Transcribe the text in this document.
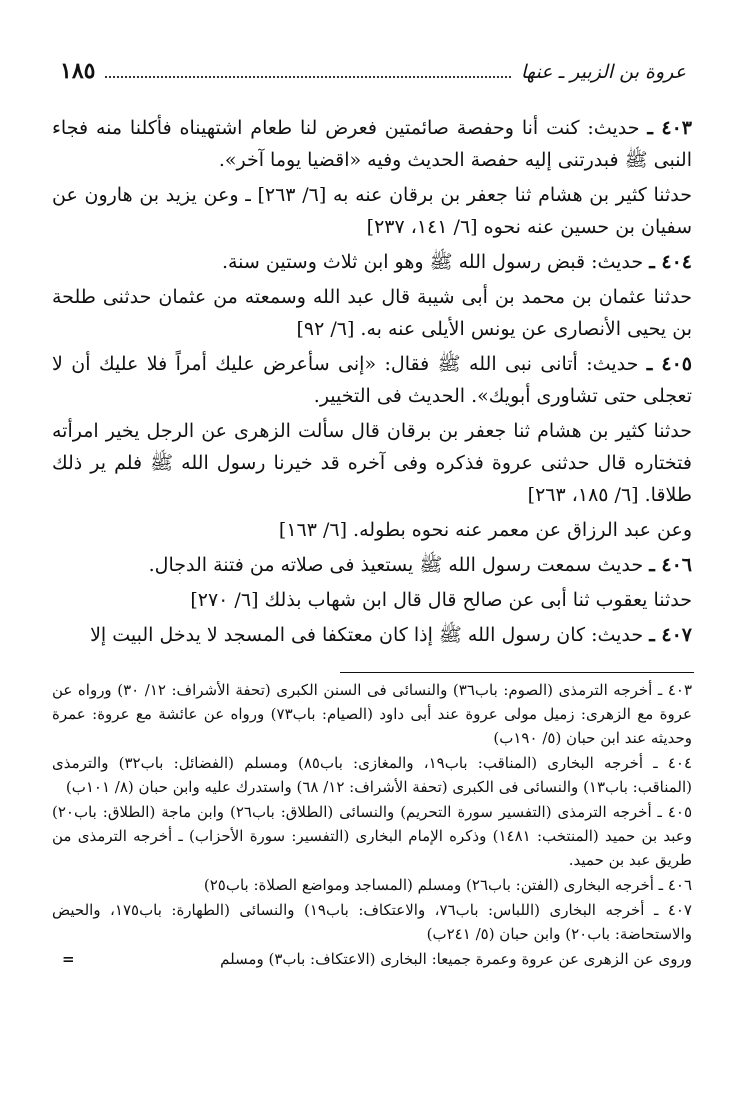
عروة بن الزبير ـ عنها
١٨٥

٤٠٣ ـ حديث: كنت أنا وحفصة صائمتين فعرض لنا طعام اشتهيناه فأكلنا منه فجاء النبى ﷺ فبدرتنى إليه حفصة الحديث وفيه «اقضيا يوما آخر».

حدثنا كثير بن هشام ثنا جعفر بن برقان عنه به [٦/ ٢٦٣] ـ وعن يزيد بن هارون عن سفيان بن حسين عنه نحوه [٦/ ١٤١، ٢٣٧]

٤٠٤ ـ حديث: قبض رسول الله ﷺ وهو ابن ثلاث وستين سنة.

حدثنا عثمان بن محمد بن أبى شيبة قال عبد الله وسمعته من عثمان حدثنى طلحة بن يحيى الأنصارى عن يونس الأيلى عنه به. [٦/ ٩٢]

٤٠٥ ـ حديث: أتانى نبى الله ﷺ فقال: «إنى سأعرض عليك أمراً فلا عليك أن لا تعجلى حتى تشاورى أبويك». الحديث فى التخيير.

حدثنا كثير بن هشام ثنا جعفر بن برقان قال سألت الزهرى عن الرجل يخير امرأته فتختاره قال حدثنى عروة فذكره وفى آخره قد خيرنا رسول الله ﷺ فلم ير ذلك طلاقا. [٦/ ١٨٥، ٢٦٣]

وعن عبد الرزاق عن معمر عنه نحوه بطوله. [٦/ ١٦٣]

٤٠٦ ـ حديث سمعت رسول الله ﷺ يستعيذ فى صلاته من فتنة الدجال.

حدثنا يعقوب ثنا أبى عن صالح قال قال ابن شهاب بذلك [٦/ ٢٧٠]

٤٠٧ ـ حديث: كان رسول الله ﷺ إذا كان معتكفا فى المسجد لا يدخل البيت إلا

٤٠٣ ـ أخرجه الترمذى (الصوم: باب٣٦) والنسائى فى السنن الكبرى (تحفة الأشراف: ١٢/ ٣٠) ورواه عن عروة مع الزهرى: زميل مولى عروة عند أبى داود (الصيام: باب٧٣) ورواه عن عائشة مع عروة: عمرة وحديثه عند ابن حبان (٥/ ١٩٠ب)

٤٠٤ ـ أخرجه البخارى (المناقب: باب١٩، والمغازى: باب٨٥) ومسلم (الفضائل: باب٣٢) والترمذى (المناقب: باب١٣) والنسائى فى الكبرى (تحفة الأشراف: ١٢/ ٦٨) واستدرك عليه وابن حبان (٨/ ١٠١ب)

٤٠٥ ـ أخرجه الترمذى (التفسير سورة التحريم) والنسائى (الطلاق: باب٢٦) وابن ماجة (الطلاق: باب٢٠) وعبد بن حميد (المنتخب: ١٤٨١) وذكره الإمام البخارى (التفسير: سورة الأحزاب) ـ أخرجه الترمذى من طريق عبد بن حميد.

٤٠٦ ـ أخرجه البخارى (الفتن: باب٢٦) ومسلم (المساجد ومواضع الصلاة: باب٢٥)

٤٠٧ ـ أخرجه البخارى (اللباس: باب٧٦، والاعتكاف: باب١٩) والنسائى (الطهارة: باب١٧٥، والحيض والاستحاضة: باب٢٠) وابن حبان (٥/ ٢٤١ب)

وروى عن الزهرى عن عروة وعمرة جميعا: البخارى (الاعتكاف: باب٣) ومسلم
=
